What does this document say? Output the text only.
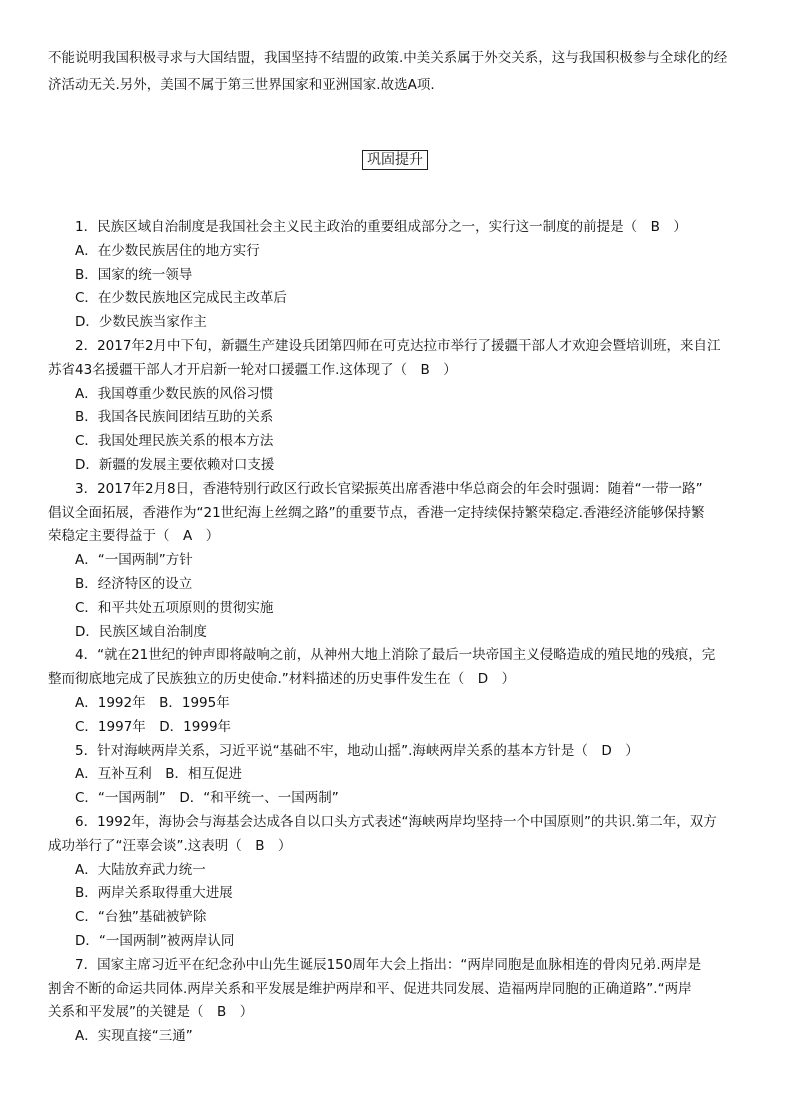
不能说明我国积极寻求与大国结盟，我国坚持不结盟的政策.中美关系属于外交关系，这与我国积极参与全球化的经
济活动无关.另外，美国不属于第三世界国家和亚洲国家.故选A项.
巩固提升
1．民族区域自治制度是我国社会主义民主政治的重要组成部分之一，实行这一制度的前提是（　B　）
A．在少数民族居住的地方实行
B．国家的统一领导
C．在少数民族地区完成民主改革后
D．少数民族当家作主
2．2017年2月中下旬，新疆生产建设兵团第四师在可克达拉市举行了援疆干部人才欢迎会暨培训班，来自江
苏省43名援疆干部人才开启新一轮对口援疆工作.这体现了（　B　）
A．我国尊重少数民族的风俗习惯
B．我国各民族间团结互助的关系
C．我国处理民族关系的根本方法
D．新疆的发展主要依赖对口支援
3．2017年2月8日，香港特别行政区行政长官梁振英出席香港中华总商会的年会时强调：随着“一带一路”
倡议全面拓展，香港作为“21世纪海上丝绸之路”的重要节点，香港一定持续保持繁荣稳定.香港经济能够保持繁
荣稳定主要得益于（　A　）
A．“一国两制”方针
B．经济特区的设立
C．和平共处五项原则的贯彻实施
D．民族区域自治制度
4．“就在21世纪的钟声即将敲响之前，从神州大地上消除了最后一块帝国主义侵略造成的殖民地的残痕，完
整而彻底地完成了民族独立的历史使命.”材料描述的历史事件发生在（　D　）
A．1992年　B．1995年
C．1997年　D．1999年
5．针对海峡两岸关系，习近平说“基础不牢，地动山摇”.海峡两岸关系的基本方针是（　D　）
A．互补互利　B．相互促进
C．“一国两制”　D．“和平统一、一国两制”
6．1992年，海协会与海基会达成各自以口头方式表述“海峡两岸均坚持一个中国原则”的共识.第二年，双方
成功举行了“汪辜会谈”.这表明（　B　）
A．大陆放弃武力统一
B．两岸关系取得重大进展
C．“台独”基础被铲除
D．“一国两制”被两岸认同
7．国家主席习近平在纪念孙中山先生诞辰150周年大会上指出：“两岸同胞是血脉相连的骨肉兄弟.两岸是
割舍不断的命运共同体.两岸关系和平发展是维护两岸和平、促进共同发展、造福两岸同胞的正确道路”.“两岸
关系和平发展”的关键是（　B　）
A．实现直接“三通”
